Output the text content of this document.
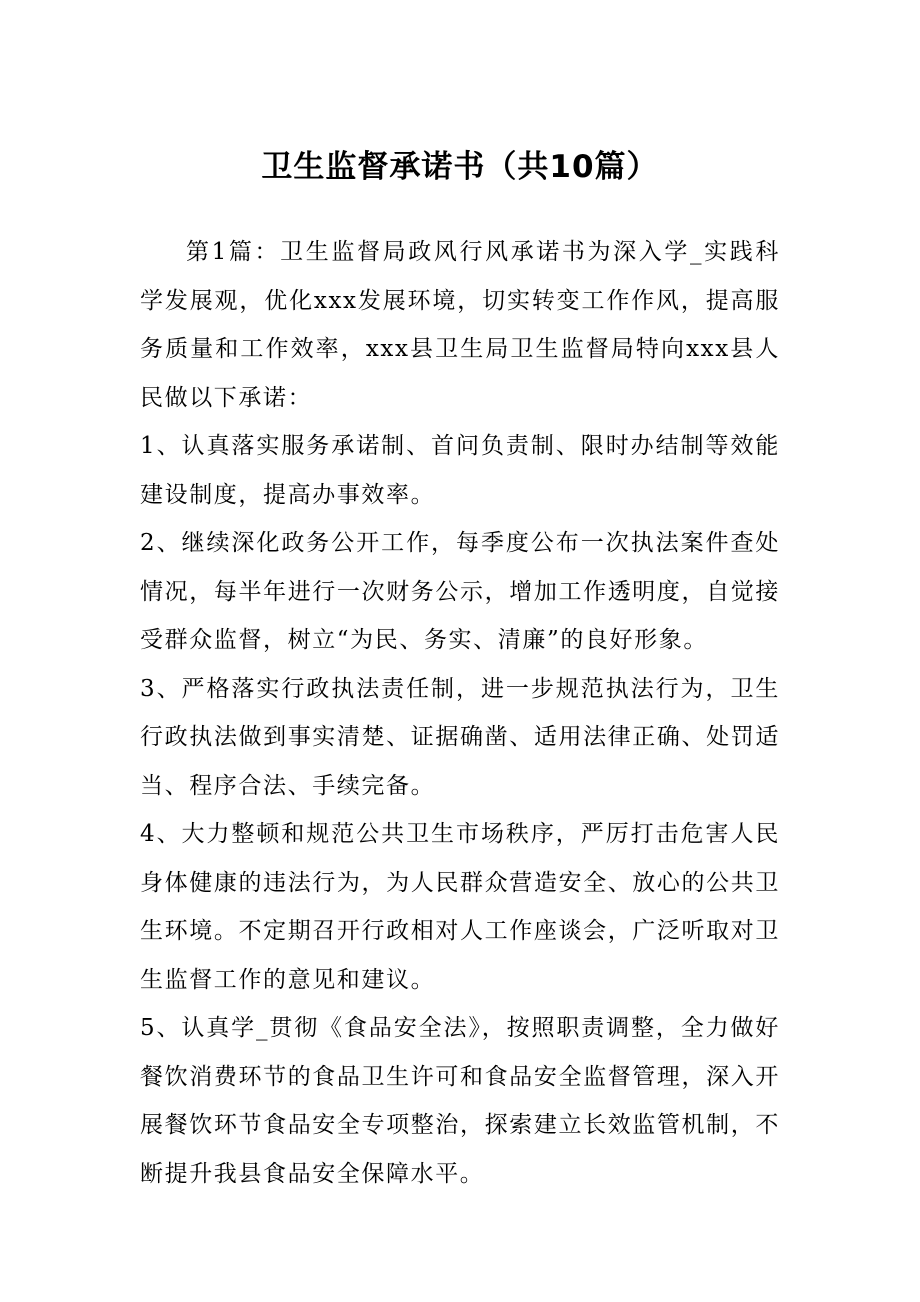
卫生监督承诺书（共10篇）

第1篇：卫生监督局政风行风承诺书为深入学_实践科学发展观，优化xxx发展环境，切实转变工作作风，提高服务质量和工作效率，xxx县卫生局卫生监督局特向xxx县人民做以下承诺：

1、认真落实服务承诺制、首问负责制、限时办结制等效能建设制度，提高办事效率。

2、继续深化政务公开工作，每季度公布一次执法案件查处情况，每半年进行一次财务公示，增加工作透明度，自觉接受群众监督，树立“为民、务实、清廉”的良好形象。

3、严格落实行政执法责任制，进一步规范执法行为，卫生行政执法做到事实清楚、证据确凿、适用法律正确、处罚适当、程序合法、手续完备。

4、大力整顿和规范公共卫生市场秩序，严厉打击危害人民身体健康的违法行为，为人民群众营造安全、放心的公共卫生环境。不定期召开行政相对人工作座谈会，广泛听取对卫生监督工作的意见和建议。

5、认真学_贯彻《食品安全法》，按照职责调整，全力做好餐饮消费环节的食品卫生许可和食品安全监督管理，深入开展餐饮环节食品安全专项整治，探索建立长效监管机制，不断提升我县食品安全保障水平。
